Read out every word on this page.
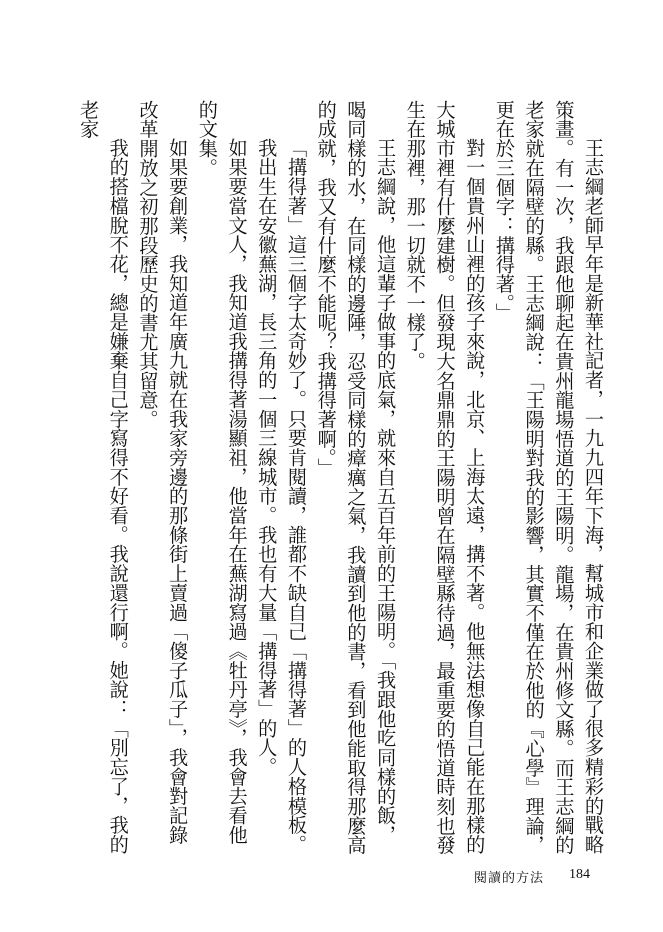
王志綱老師早年是新華社記者，一九九四年下海，幫城市和企業做了很多精彩的戰略策畫。有一次，我跟他聊起在貴州龍場悟道的王陽明。龍場，在貴州修文縣。而王志綱的老家就在隔壁的縣。王志綱說：「王陽明對我的影響，其實不僅在於他的『心學』理論，更在於三個字：搆得著。」

對一個貴州山裡的孩子來說，北京、上海太遠，搆不著。他無法想像自己能在那樣的大城市裡有什麼建樹。但發現大名鼎鼎的王陽明曾在隔壁縣待過，最重要的悟道時刻也發生在那裡，那一切就不一樣了。

王志綱說，他這輩子做事的底氣，就來自五百年前的王陽明。「我跟他吃同樣的飯，喝同樣的水，在同樣的邊陲，忍受同樣的瘴癘之氣，我讀到他的書，看到他能取得那麼高的成就，我又有什麼不能呢？我搆得著啊。」

「搆得著」這三個字太奇妙了。只要肯閱讀，誰都不缺自己「搆得著」的人格模板。

我出生在安徽蕪湖，長三角的一個三線城市。我也有大量「搆得著」的人。

如果要當文人，我知道我搆得著湯顯祖，他當年在蕪湖寫過《牡丹亭》，我會去看他的文集。

如果要創業，我知道年廣九就在我家旁邊的那條街上賣過「傻子瓜子」，我會對記錄改革開放之初那段歷史的書尤其留意。

我的搭檔脫不花，總是嫌棄自己字寫得不好看。我說還行啊。她說：「別忘了，我的老家

閱讀的方法 184
